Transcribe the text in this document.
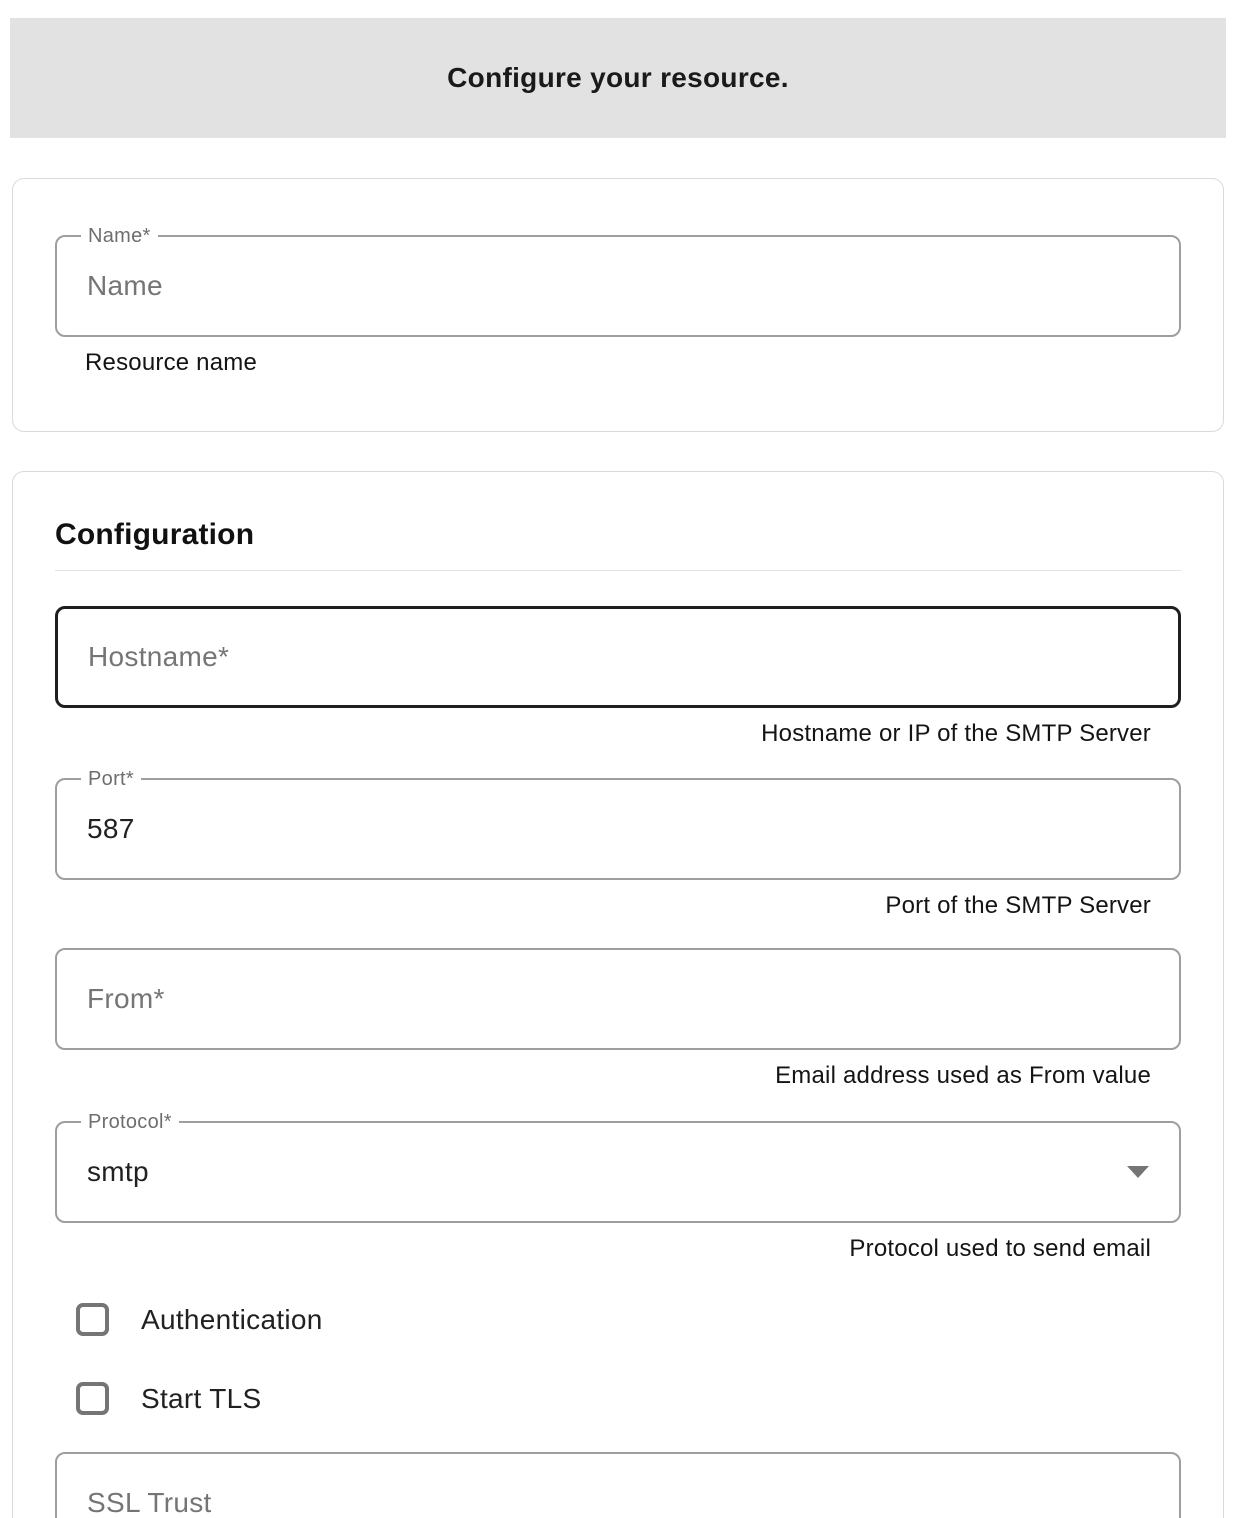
Configure your resource.
Name*
Name
Resource name
Configuration
Hostname*
Hostname or IP of the SMTP Server
Port*
587
Port of the SMTP Server
From*
Email address used as From value
Protocol*
smtp
Protocol used to send email
Authentication
Start TLS
SSL Trust
